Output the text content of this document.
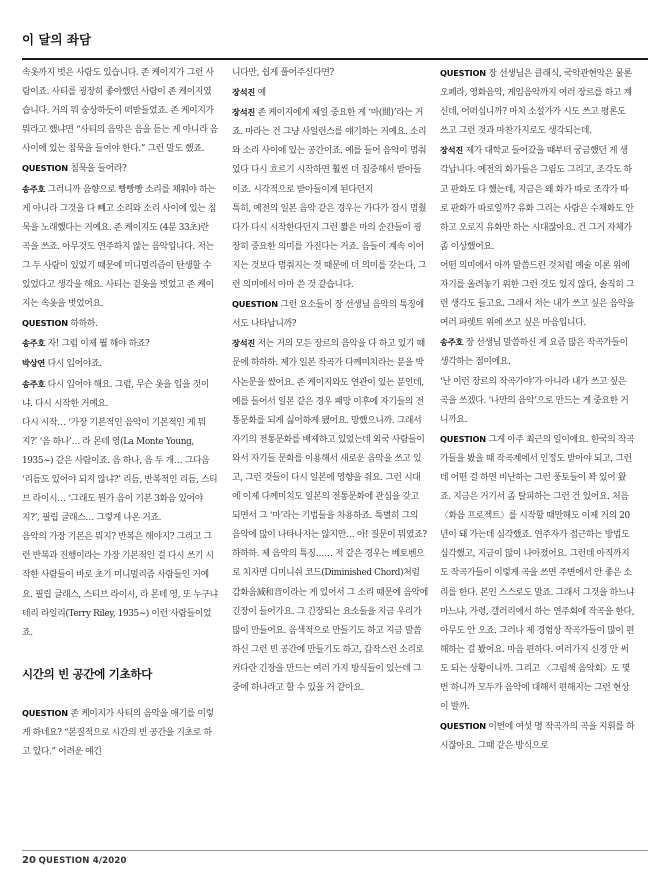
이 달의 좌담

속옷까지 벗은 사람도 있습니다. 존 케이지가 그런 사람이죠. 사티를 굉장히 좋아했던 사람이 존 케이지였습니다. 거의 뭐 숭상하듯이 떠받들었죠. 존 케이지가 뭐라고 했냐면 “사티의 음악은 음을 듣는 게 아니라 음 사이에 있는 침묵을 들어야 한다.” 그런 말도 했죠.

QUESTION 침묵을 들어라?

송주호 그러니까 음향으로 빵빵빵 소리를 채워야 하는 게 아니라 그것을 다 빼고 소리와 소리 사이에 있는 침묵을 노래했다는 거예요. 존 케이지도 (4분 33초)란 곡을 쓰죠. 아무것도 연주하지 않는 음악입니다. 저는 그 두 사람이 있었기 때문에 미니멀리즘이 탄생할 수 있었다고 생각을 해요. 사티는 겉옷을 벗었고 존 케이지는 속옷을 벗었어요.

QUESTION 하하하.

송주호 자! 그럼 이제 뭘 해야 하죠?

박상연 다시 입어야죠.

송주호 다시 입어야 해요. 그럼, 무슨 옷을 입을 것이냐. 다시 시작한 거예요.

다시 시작… ‘가장 기본적인 음악이 기본적인 게 뭐지?’ ‘음 하나’… 라 몬테 영(La Monte Young, 1935~) 같은 사람이죠. 음 하나, 음 두 개… 그다음 ‘리듬도 있어야 되지 않냐?’ 리듬, 반복적인 리듬, 스티브 라이시… ‘그래도 뭔가 음이 기본 3화음 있어야지?’, 필립 글래스… 그렇게 나온 거죠.

음악의 가장 기본은 뭐지? 반복은 해야지? 그리고 그런 반복과 진행이라는 가장 기본적인 걸 다시 쓰기 시작한 사람들이 바로 초기 미니멀리즘 사람들인 거예요. 필립 글래스, 스티브 라이시, 라 몬테 영, 또 누구냐 테리 라일리(Terry Riley, 1935~) 이런 사람들이었죠.

시간의 빈 공간에 기초하다

QUESTION 존 케이지가 사티의 음악을 애기를 이렇게 하네요? “본질적으로 시간의 빈 공간을 기초로 하고 있다.” 어려운 얘긴

니다만, 쉽게 풀어주신다면?

장석진 예

장석진 존 케이지에게 제일 중요한 게 ‘마(間)’라는 거죠. 마라는 건 그냥 사일런스를 얘기하는 거예요. 소리와 소리 사이에 있는 공간이죠. 예를 들어 음악이 멈춰있다 다시 흐르기 시작하면 훨씬 더 집중해서 받아들이죠. 시각적으로 받아들이게 된다던지

특히, 예전의 일본 음악 같은 경우는 가다가 잠시 멈췄다가 다시 시작한다던지 그런 짧은 마의 순간들이 굉장히 중요한 의미를 가진다는 거죠. 음들이 계속 이어지는 것보다 멈춰지는 것 때문에 더 의미를 갖는다, 그런 의미에서 아마 쓴 것 같습니다.

QUESTION 그런 요소들이 장 선생님 음악의 특징에서도 나타납니까?

장석진 저는 거의 모든 장르의 음악을 다 하고 있기 때문에 하하하. 제가 일본 작곡가 다께미치라는 분을 박사논문을 썼어요. 존 케이지와도 연관이 있는 분인데, 예를 들어서 일본 같은 경우 패망 이후에 자기들의 전통문화를 되게 싫어하게 됐어요. 망했으니까. 그래서 자기의 전통문화를 배제하고 있었는데 외국 사람들이 와서 자기들 문화를 이용해서 새로운 음악을 쓰고 있고, 그런 것들이 다시 일본에 영향을 줘요. 그런 시대에 이제 다께미치도 일본의 전통문화에 관심을 갖고 되면서 그 ‘마’라는 기법들을 차용하죠. 특별히 그의 음악에 많이 나타나지는 않지만… 아! 질문이 뭐였죠? 하하하. 제 음악의 특징…… 저 같은 경우는 베토벤으로 치자면 디미니쉬 코드(Diminished Chord)처럼 감화음減和音이라는 게 있어서 그 소리 때문에 음악에 긴장이 들어가요. 그 긴장되는 요소들을 지금 우리가 많이 만들어요. 음색적으로 만들기도 하고 지금 말씀하신 그런 빈 공간에 만들기도 하고, 갑작스런 소리로 커다란 긴장을 만드는 여러 가지 방식들이 있는데 그 중에 하나라고 할 수 있을 거 같아요.

QUESTION 장 선생님은 클래식, 국악관현악은 물론 오페라, 영화음악, 게임음악까지 여러 장르를 하고 계신데, 어떠십니까? 마치 소설가가 시도 쓰고 평론도 쓰고 그런 것과 마찬가지로도 생각되는데.

장석진 제가 대학교 들어갔을 때부터 궁금했던 게 생각납니다. 예전의 화가들은 그림도 그리고, 조각도 하고 판화도 다 했는데, 지금은 왜 화가 따로 조각가 따로 판화가 따로일까? 유화 그리는 사람은 수채화도 안 하고 오로지 유화만 하는 시대잖아요. 건 그거 자체가 좀 이상했어요.

어떤 의미에서 아까 말씀드린 것처럼 예술 이론 위에 자기를 올려놓기 위한 그런 것도 있지 않다, 솔직히 그런 생각도 들고요. 그래서 저는 내가 쓰고 싶은 음악을 여러 파렛트 위에 쓰고 싶은 마음입니다.

송주호 장 선생님 말씀하신 게 요즘 많은 작곡가들이 생각하는 점이에요.

‘난 이런 장르의 작곡가야’가 아니라 내가 쓰고 싶은 곡을 쓰겠다. ‘나만의 음악’으로 만드는 게 중요한 거니까요.

QUESTION 그게 아주 최근의 일이에요. 한국의 작곡가들을 봤을 때 작곡계에서 인정도 받아야 되고, 그런데 어떤 걸 하면 비난하는 그런 풍토들이 꽉 있어 왔죠. 지금은 거기서 좀 탈피하는 그런 건 있어요. 처음 〈화음 프로젝트〉를 시작할 때만해도 이제 거의 20년이 돼 가는데 심각했죠. 연주자가 접근하는 방법도 심각했고, 지금이 많이 나아졌어요. 그런데 아직까지도 작곡가들이 이렇게 곡을 쓰면 주변에서 안 좋은 소리를 한다. 본인 스스로도 말죠. 그래서 그것을 하느냐 마느냐, 가령, 갤러리에서 하는 연주회에 작곡을 한다, 아무도 안 오죠. 그러나 제 경험상 작곡가들이 많이 편해하는 걸 봤어요. 마음 편하다. 여러가지 신경 안 써도 되는 상황이니까. 그리고 〈그림책 음악회〉도 몇 번 하니까 모두가 음악에 대해서 편해지는 그런 현상이 발까.

QUESTION 이번에 여섯 명 작곡가의 곡을 지휘를 하시잖아요. 그때 같은 방식으로

20 QUESTION 4/2020
